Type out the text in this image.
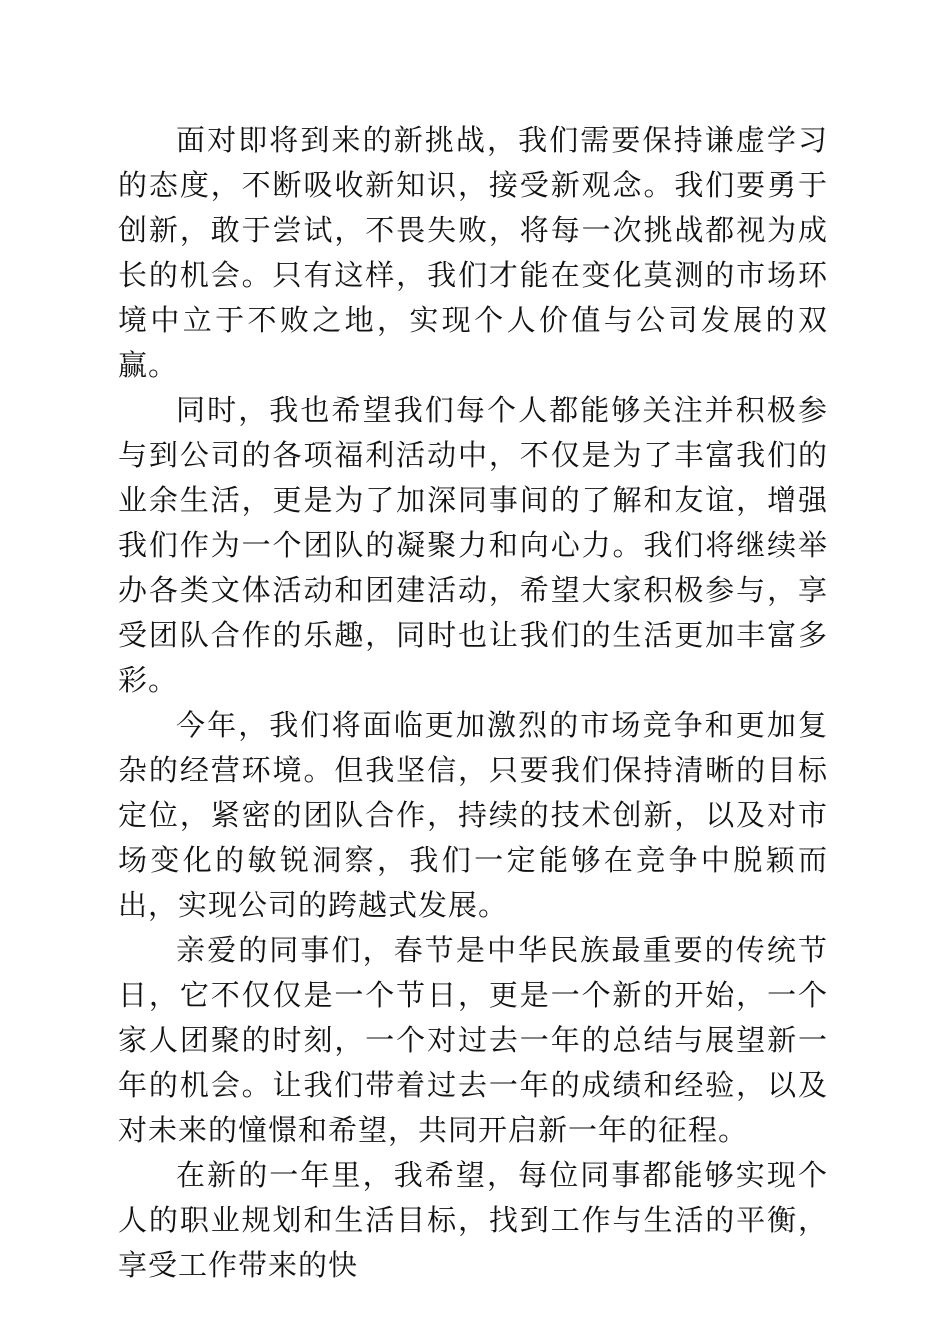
面对即将到来的新挑战，我们需要保持谦虚学习的态度，不断吸收新知识，接受新观念。我们要勇于创新，敢于尝试，不畏失败，将每一次挑战都视为成长的机会。只有这样，我们才能在变化莫测的市场环境中立于不败之地，实现个人价值与公司发展的双赢。

同时，我也希望我们每个人都能够关注并积极参与到公司的各项福利活动中，不仅是为了丰富我们的业余生活，更是为了加深同事间的了解和友谊，增强我们作为一个团队的凝聚力和向心力。我们将继续举办各类文体活动和团建活动，希望大家积极参与，享受团队合作的乐趣，同时也让我们的生活更加丰富多彩。

今年，我们将面临更加激烈的市场竞争和更加复杂的经营环境。但我坚信，只要我们保持清晰的目标定位，紧密的团队合作，持续的技术创新，以及对市场变化的敏锐洞察，我们一定能够在竞争中脱颖而出，实现公司的跨越式发展。

亲爱的同事们，春节是中华民族最重要的传统节日，它不仅仅是一个节日，更是一个新的开始，一个家人团聚的时刻，一个对过去一年的总结与展望新一年的机会。让我们带着过去一年的成绩和经验，以及对未来的憧憬和希望，共同开启新一年的征程。

在新的一年里，我希望，每位同事都能够实现个人的职业规划和生活目标，找到工作与生活的平衡，享受工作带来的快
